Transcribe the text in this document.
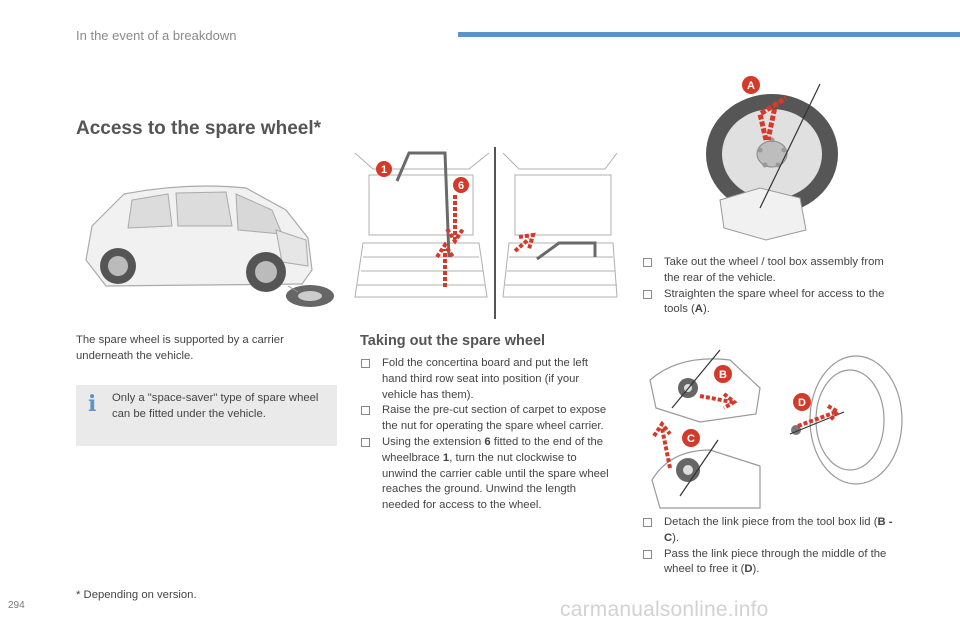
In the event of a breakdown
Access to the spare wheel*

The spare wheel is supported by a carrier underneath the vehicle.

i Only a "space-saver" type of spare wheel can be fitted under the vehicle.

* Depending on version.

1
6
Taking out the spare wheel
Fold the concertina board and put the left hand third row seat into position (if your vehicle has them).
Raise the pre-cut section of carpet to expose the nut for operating the spare wheel carrier.
Using the extension 6 fitted to the end of the wheelbrace 1, turn the nut clockwise to unwind the carrier cable until the spare wheel reaches the ground. Unwind the length needed for access to the wheel.
A
Take out the wheel / tool box assembly from the rear of the vehicle.
Straighten the spare wheel for access to the tools (A).
B
C
D
Detach the link piece from the tool box lid (B - C).
Pass the link piece through the middle of the wheel to free it (D).
294	carmanualsonline.info
